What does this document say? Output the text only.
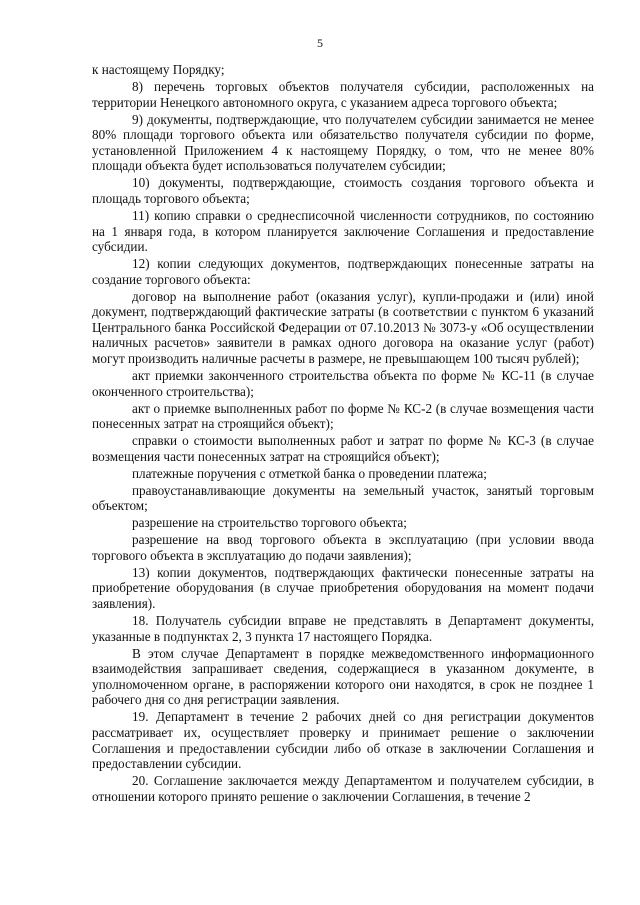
5

к настоящему Порядку;

8) перечень торговых объектов получателя субсидии, расположенных на территории Ненецкого автономного округа, с указанием адреса торгового объекта;

9) документы, подтверждающие, что получателем субсидии занимается не менее 80% площади торгового объекта или обязательство получателя субсидии по форме, установленной Приложением 4 к настоящему Порядку, о том, что не менее 80% площади объекта будет использоваться получателем субсидии;

10) документы, подтверждающие, стоимость создания торгового объекта и площадь торгового объекта;

11) копию справки о среднесписочной численности сотрудников, по состоянию на 1 января года, в котором планируется заключение Соглашения и предоставление субсидии.

12) копии следующих документов, подтверждающих понесенные затраты на создание торгового объекта:

договор на выполнение работ (оказания услуг), купли-продажи и (или) иной документ, подтверждающий фактические затраты (в соответствии с пунктом 6 указаний Центрального банка Российской Федерации от 07.10.2013 № 3073-у «Об осуществлении наличных расчетов» заявители в рамках одного договора на оказание услуг (работ) могут производить наличные расчеты в размере, не превышающем 100 тысяч рублей);

акт приемки законченного строительства объекта по форме № КС-11 (в случае оконченного строительства);

акт о приемке выполненных работ по форме № КС-2 (в случае возмещения части понесенных затрат на строящийся объект);

справки о стоимости выполненных работ и затрат по форме № КС-3 (в случае возмещения части понесенных затрат на строящийся объект);

платежные поручения с отметкой банка о проведении платежа;

правоустанавливающие документы на земельный участок, занятый торговым объектом;

разрешение на строительство торгового объекта;

разрешение на ввод торгового объекта в эксплуатацию (при условии ввода торгового объекта в эксплуатацию до подачи заявления);

13) копии документов, подтверждающих фактически понесенные затраты на приобретение оборудования (в случае приобретения оборудования на момент подачи заявления).

18. Получатель субсидии вправе не представлять в Департамент документы, указанные в подпунктах 2, 3 пункта 17 настоящего Порядка.

В этом случае Департамент в порядке межведомственного информационного взаимодействия запрашивает сведения, содержащиеся в указанном документе, в уполномоченном органе, в распоряжении которого они находятся, в срок не позднее 1 рабочего дня со дня регистрации заявления.

19. Департамент в течение 2 рабочих дней со дня регистрации документов рассматривает их, осуществляет проверку и принимает решение о заключении Соглашения и предоставлении субсидии либо об отказе в заключении Соглашения и предоставлении субсидии.

20. Соглашение заключается между Департаментом и получателем субсидии, в отношении которого принято решение о заключении Соглашения, в течение 2
